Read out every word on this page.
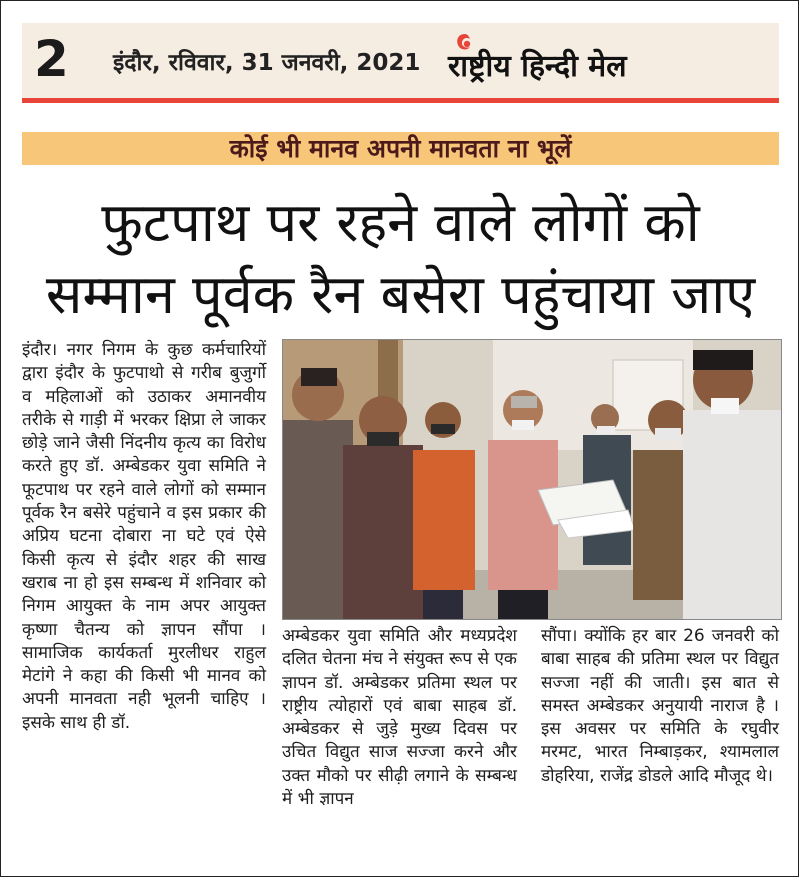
2 इंदौर, रविवार, 31 जनवरी, 2021 राष्ट्रीय हिन्दी मेल
कोई भी मानव अपनी मानवता ना भूलें
फुटपाथ पर रहने वाले लोगों को
सम्मान पूर्वक रैन बसेरा पहुंचाया जाए

इंदौर। नगर निगम के कुछ कर्मचारियों द्वारा इंदौर के फुटपाथो से गरीब बुजुर्गो व महिलाओं को उठाकर अमानवीय तरीके से गाड़ी में भरकर क्षिप्रा ले जाकर छोड़े जाने जैसी निंदनीय कृत्य का विरोध करते हुए डॉ. अम्बेडकर युवा समिति ने फूटपाथ पर रहने वाले लोगों को सम्मान पूर्वक रैन बसेरे पहुंचाने व इस प्रकार की अप्रिय घटना दोबारा ना घटे एवं ऐसे किसी कृत्य से इंदौर शहर की साख खराब ना हो इस सम्बन्ध में शनिवार को निगम आयुक्त के नाम अपर आयुक्त कृष्णा चैतन्य को ज्ञापन सौंपा । सामाजिक कार्यकर्ता मुरलीधर राहुल मेटांगे ने कहा की किसी भी मानव को अपनी मानवता नही भूलनी चाहिए । इसके साथ ही डॉ.

अम्बेडकर युवा समिति और मध्यप्रदेश दलित चेतना मंच ने संयुक्त रूप से एक ज्ञापन डॉ. अम्बेडकर प्रतिमा स्थल पर राष्ट्रीय त्योहारों एवं बाबा साहब डॉ. अम्बेडकर से जुड़े मुख्य दिवस पर उचित विद्युत साज सज्जा करने और उक्त मौको पर सीढ़ी लगाने के सम्बन्ध में भी ज्ञापन

सौंपा। क्योंकि हर बार 26 जनवरी को बाबा साहब की प्रतिमा स्थल पर विद्युत सज्जा नहीं की जाती। इस बात से समस्त अम्बेडकर अनुयायी नाराज है । इस अवसर पर समिति के रघुवीर मरमट, भारत निम्बाड़कर, श्यामलाल डोहरिया, राजेंद्र डोडले आदि मौजूद थे।
